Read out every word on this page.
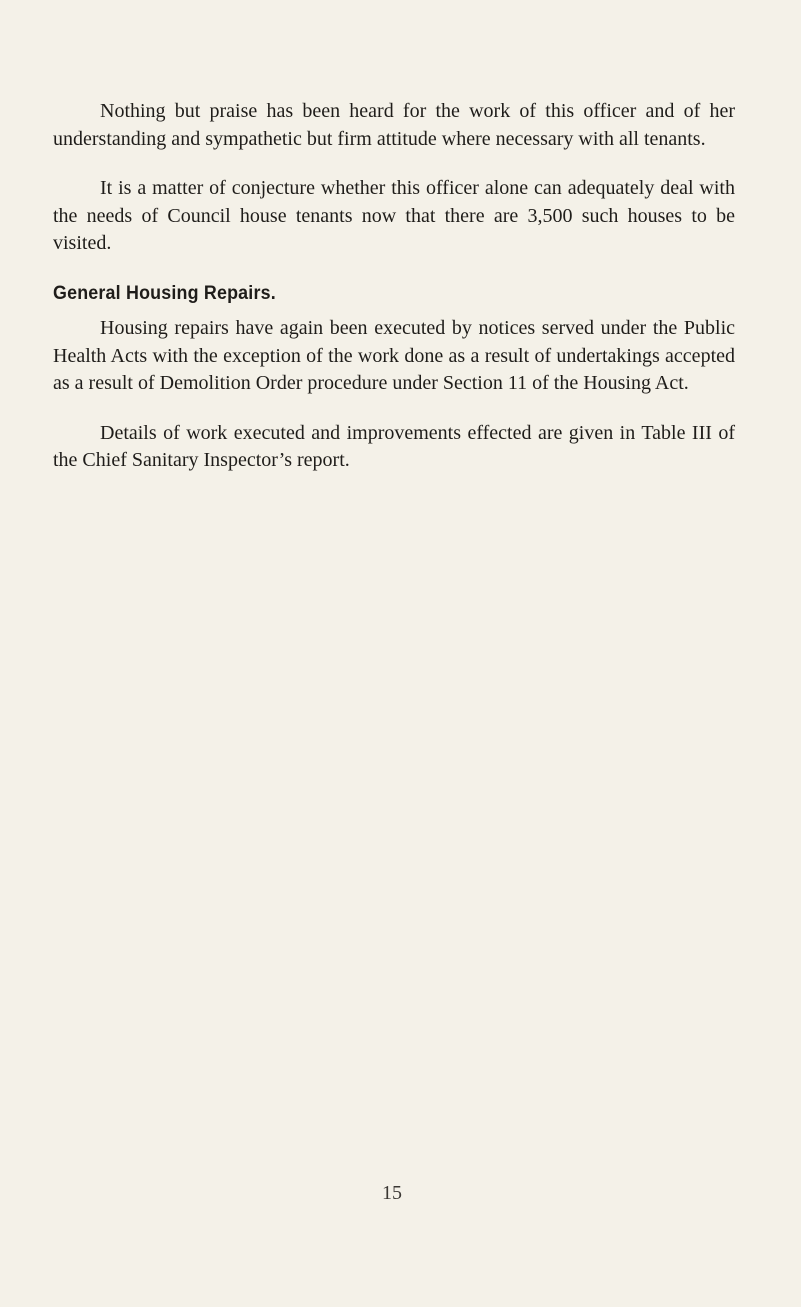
Nothing but praise has been heard for the work of this officer and of her understanding and sympathetic but firm attitude where necessary with all tenants.

It is a matter of conjecture whether this officer alone can adequately deal with the needs of Council house tenants now that there are 3,500 such houses to be visited.

General Housing Repairs.

Housing repairs have again been executed by notices served under the Public Health Acts with the exception of the work done as a result of undertakings accepted as a result of Demolition Order procedure under Section 11 of the Housing Act.

Details of work executed and improvements effected are given in Table III of the Chief Sanitary Inspector’s report.

15
